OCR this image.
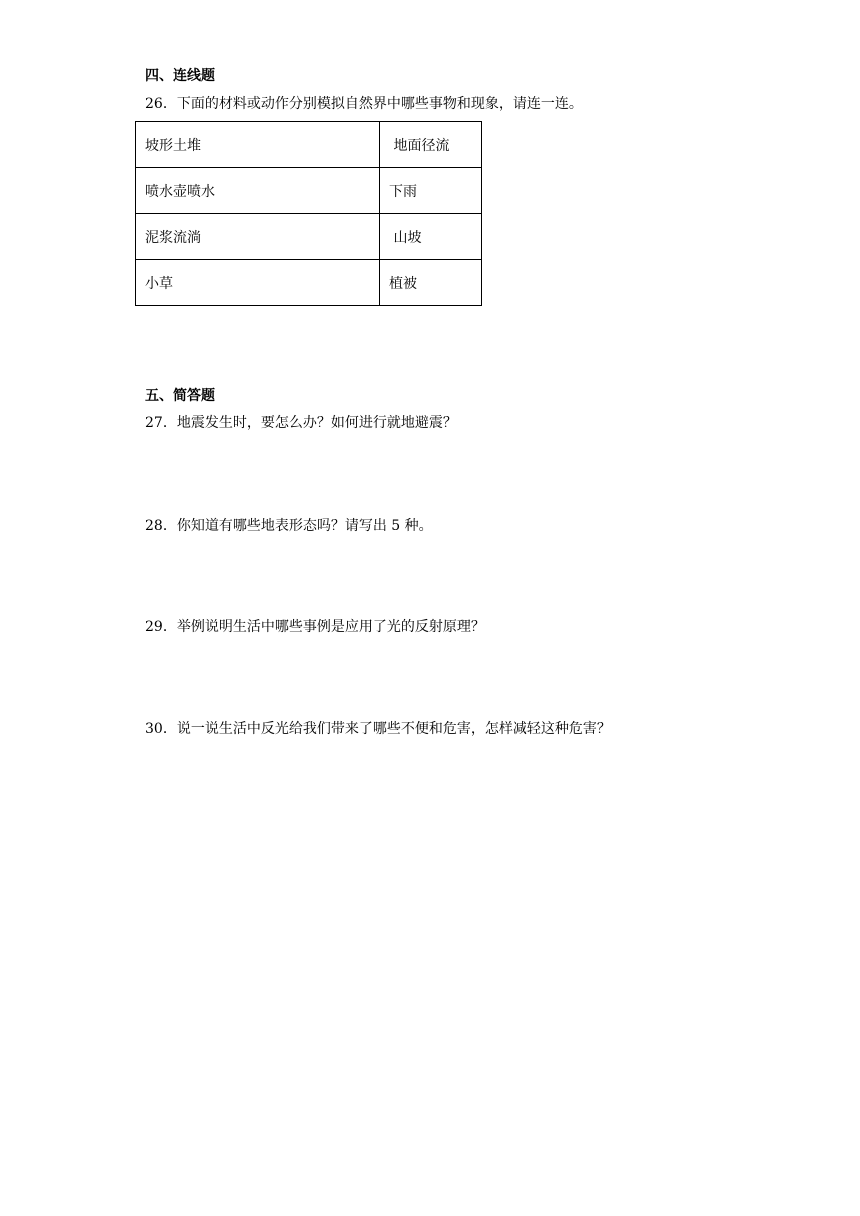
四、连线题
26．下面的材料或动作分别模拟自然界中哪些事物和现象，请连一连。
坡形土堆	地面径流
喷水壶喷水	下雨
泥浆流淌	山坡
小草	植被
五、简答题
27．地震发生时，要怎么办？如何进行就地避震？
28．你知道有哪些地表形态吗？请写出 5 种。
29．举例说明生活中哪些事例是应用了光的反射原理？
30．说一说生活中反光给我们带来了哪些不便和危害，怎样减轻这种危害？
